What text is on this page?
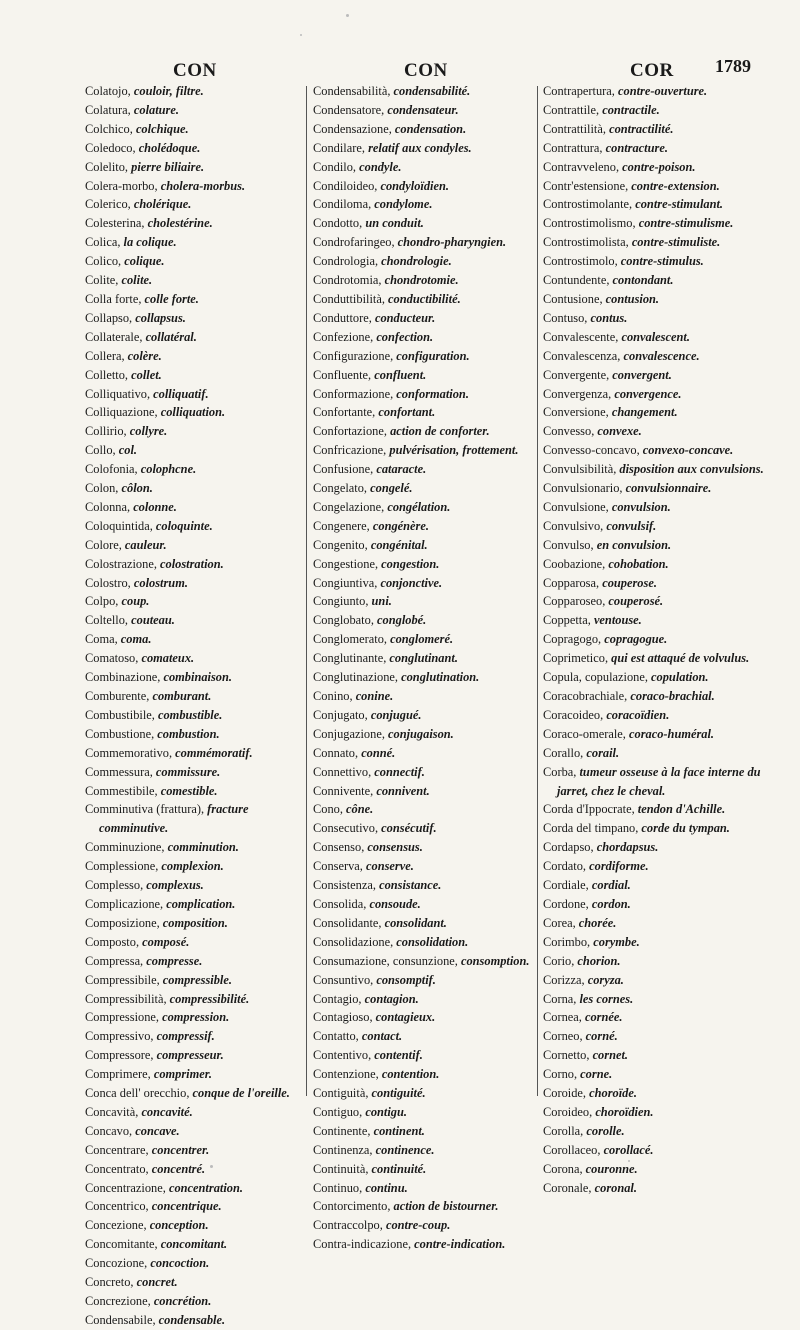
CON	CON	COR 1789
Colatojo, couloir, filtre.
Colatura, colature.
Colchico, colchique.
Coledoco, cholédoque.
Colelito, pierre biliaire.
Colera-morbo, cholera-morbus.
Colerico, cholérique.
Colesterina, cholestérine.
Colica, la colique.
Colico, colique.
Colite, colite.
Colla forte, colle forte.
Collapso, collapsus.
Collaterale, collatéral.
Collera, colère.
Colletto, collet.
Colliquativo, colliquatif.
Colliquazione, colliquation.
Collirio, collyre.
Collo, col.
Colofonia, colophcne.
Colon, côlon.
Colonna, colonne.
Coloquintida, coloquinte.
Colore, cauleur.
Colostrazione, colostration.
Colostro, colostrum.
Colpo, coup.
Coltello, couteau.
Coma, coma.
Comatoso, comateux.
Combinazione, combinaison.
Comburente, comburant.
Combustibile, combustible.
Combustione, combustion.
Commemorativo, commémoratif.
Commessura, commissure.
Commestibile, comestible.
Comminutiva (frattura), fracture comminutive.
Comminuzione, comminution.
Complessione, complexion.
Complesso, complexus.
Complicazione, complication.
Composizione, composition.
Composto, composé.
Compressa, compresse.
Compressibile, compressible.
Compressibilità, compressibilité.
Compressione, compression.
Compressivo, compressif.
Compressore, compresseur.
Comprimere, comprimer.
Conca dell' orecchio, conque de l'oreille.
Concavità, concavité.
Concavo, concave.
Concentrare, concentrer.
Concentrato, concentré.
Concentrazione, concentration.
Concentrico, concentrique.
Concezione, conception.
Concomitante, concomitant.
Concozione, concoction.
Concreto, concret.
Concrezione, concrétion.
Condensabile, condensable.
Condensabilità, condensabilité.
Condensatore, condensateur.
Condensazione, condensation.
Condilare, relatif aux condyles.
Condilo, condyle.
Condiloideo, condyloïdien.
Condiloma, condylome.
Condotto, un conduit.
Condrofaringeo, chondro-pharyngien.
Condrologia, chondrologie.
Condrotomia, chondrotomie.
Conduttibilità, conductibilité.
Conduttore, conducteur.
Confezione, confection.
Configurazione, configuration.
Confluente, confluent.
Conformazione, conformation.
Confortante, confortant.
Confortazione, action de conforter.
Confricazione, pulvérisation, frottement.
Confusione, cataracte.
Congelato, congelé.
Congelazione, congélation.
Congenere, congénère.
Congenito, congénital.
Congestione, congestion.
Congiuntiva, conjonctive.
Congiunto, uni.
Conglobato, conglobé.
Conglomerato, conglomeré.
Conglutinante, conglutinant.
Conglutinazione, conglutination.
Conino, conine.
Conjugato, conjugué.
Conjugazione, conjugaison.
Connato, conné.
Connettivo, connectif.
Connivente, connivent.
Cono, cône.
Consecutivo, consécutif.
Consenso, consensus.
Conserva, conserve.
Consistenza, consistance.
Consolida, consoude.
Consolidante, consolidant.
Consolidazione, consolidation.
Consumazione, consunzione, consomption.
Consuntivo, consomptif.
Contagio, contagion.
Contagioso, contagieux.
Contatto, contact.
Contentivo, contentif.
Contenzione, contention.
Contiguità, contiguité.
Contiguo, contigu.
Continente, continent.
Continenza, continence.
Continuità, continuité.
Continuo, continu.
Contorcimento, action de bistourner.
Contraccolpo, contre-coup.
Contra-indicazione, contre-indication.
Contrapertura, contre-ouverture.
Contrattile, contractile.
Contrattilità, contractilité.
Contrattura, contracture.
Contravveleno, contre-poison.
Contr'estensione, contre-extension.
Controstimolante, contre-stimulant.
Controstimolismo, contre-stimulisme.
Controstimolista, contre-stimuliste.
Controstimolo, contre-stimulus.
Contundente, contondant.
Contusione, contusion.
Contuso, contus.
Convalescente, convalescent.
Convalescenza, convalescence.
Convergente, convergent.
Convergenza, convergence.
Conversione, changement.
Convesso, convexe.
Convesso-concavo, convexo-concave.
Convulsibilità, disposition aux convulsions.
Convulsionario, convulsionnaire.
Convulsione, convulsion.
Convulsivo, convulsif.
Convulso, en convulsion.
Coobazione, cohobation.
Copparosa, couperose.
Copparoseo, couperosé.
Coppetta, ventouse.
Copragogo, copragogue.
Coprimetico, qui est attaqué de volvulus.
Copula, copulazione, copulation.
Coracobrachiale, coraco-brachial.
Coracoideo, coracoïdien.
Coraco-omerale, coraco-huméral.
Corallo, corail.
Corba, tumeur osseuse à la face interne du jarret, chez le cheval.
Corda d'Ippocrate, tendon d'Achille.
Corda del timpano, corde du tympan.
Cordapso, chordapsus.
Cordato, cordiforme.
Cordiale, cordial.
Cordone, cordon.
Corea, chorée.
Corimbo, corymbe.
Corio, chorion.
Corizza, coryza.
Corna, les cornes.
Cornea, cornée.
Corneo, corné.
Cornetto, cornet.
Corno, corne.
Coroide, choroïde.
Coroideo, choroïdien.
Corolla, corolle.
Corollaceo, corollacé.
Corona, couronne.
Coronale, coronal.
